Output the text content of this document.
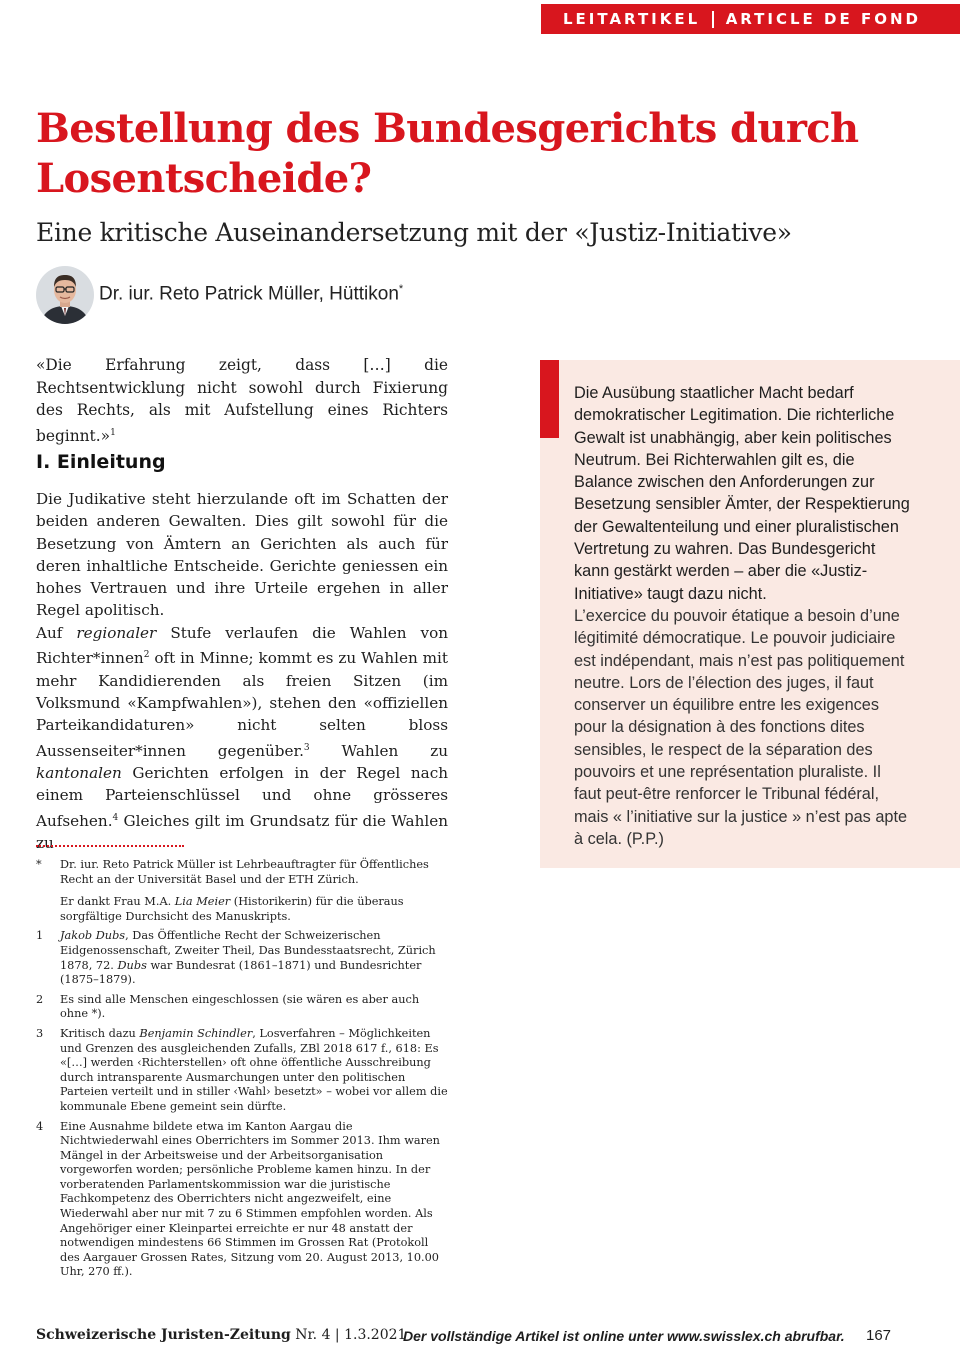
LEITARTIKEL ARTICLE DE FOND
Bestellung des Bundesgerichts durch Losentscheide?
Eine kritische Auseinandersetzung mit der «Justiz-Initiative»
Dr. iur. Reto Patrick Müller, Hüttikon*
«Die Erfahrung zeigt, dass […] die Rechtsentwicklung nicht sowohl durch Fixierung des Rechts, als mit Aufstellung eines Richters beginnt.»$^1$
I. Einleitung

Die Judikative steht hierzulande oft im Schatten der beiden anderen Gewalten. Dies gilt sowohl für die Besetzung von Ämtern an Gerichten als auch für deren inhaltliche Entscheide. Gerichte geniessen ein hohes Vertrauen und ihre Urteile ergehen in aller Regel apolitisch.

Auf regionaler Stufe verlaufen die Wahlen von Richter*innen$^2$ oft in Minne; kommt es zu Wahlen mit mehr Kandidierenden als freien Sitzen (im Volksmund «Kampfwahlen»), stehen den «offiziellen Parteikandidaturen» nicht selten bloss Aussenseiter*innen gegenüber.$^3$ Wahlen zu kantonalen Gerichten erfolgen in der Regel nach einem Parteienschlüssel und ohne grösseres Aufsehen.$^4$ Gleiches gilt im Grundsatz für die Wahlen zu

*	Dr. iur. Reto Patrick Müller ist Lehrbeauftragter für Öffentliches Recht an der Universität Basel und der ETH Zürich.
Er dankt Frau M.A. Lia Meier (Historikerin) für die überaus sorgfältige Durchsicht des Manuskripts.
1	Jakob Dubs, Das Öffentliche Recht der Schweizerischen Eidgenossenschaft, Zweiter Theil, Das Bundesstaatsrecht, Zürich 1878, 72. Dubs war Bundesrat (1861–1871) und Bundesrichter (1875–1879).
2	Es sind alle Menschen eingeschlossen (sie wären es aber auch ohne *).
3	Kritisch dazu Benjamin Schindler, Losverfahren – Möglichkeiten und Grenzen des ausgleichenden Zufalls, ZBl 2018 617 f., 618: Es «[…] werden ‹Richterstellen› oft ohne öffentliche Ausschreibung durch intransparente Ausmarchungen unter den politischen Parteien verteilt und in stiller ‹Wahl› besetzt» – wobei vor allem die kommunale Ebene gemeint sein dürfte.
4	Eine Ausnahme bildete etwa im Kanton Aargau die Nichtwiederwahl eines Oberrichters im Sommer 2013. Ihm waren Mängel in der Arbeitsweise und der Arbeitsorganisation vorgeworfen worden; persönliche Probleme kamen hinzu. In der vorberatenden Parlamentskommission war die juristische Fachkompetenz des Oberrichters nicht angezweifelt, eine Wiederwahl aber nur mit 7 zu 6 Stimmen empfohlen worden. Als Angehöriger einer Kleinpartei erreichte er nur 48 anstatt der notwendigen mindestens 66 Stimmen im Grossen Rat (Protokoll des Aargauer Grossen Rates, Sitzung vom 20. August 2013, 10.00 Uhr, 270 ff.).

Die Ausübung staatlicher Macht bedarf demokratischer Legitimation. Die richterliche Gewalt ist unabhängig, aber kein politisches Neutrum. Bei Richterwahlen gilt es, die Balance zwischen den Anforderungen zur Besetzung sensibler Ämter, der Respektierung der Gewaltenteilung und einer pluralistischen Vertretung zu wahren. Das Bundesgericht kann gestärkt werden – aber die «Justiz-Initiative» taugt dazu nicht.

L’exercice du pouvoir étatique a besoin d’une légitimité démocratique. Le pouvoir judiciaire est indépendant, mais n’est pas politiquement neutre. Lors de l’élection des juges, il faut conserver un équilibre entre les exigences pour la désignation à des fonctions dites sensibles, le respect de la séparation des pouvoirs et une représentation pluraliste. Il faut peut-être renforcer le Tribunal fédéral, mais « l’initiative sur la justice » n’est pas apte à cela. (P.P.)

Schweizerische Juristen-Zeitung Nr. 4 | 1.3.2021
Der vollständige Artikel ist online unter www.swisslex.ch abrufbar. 167
